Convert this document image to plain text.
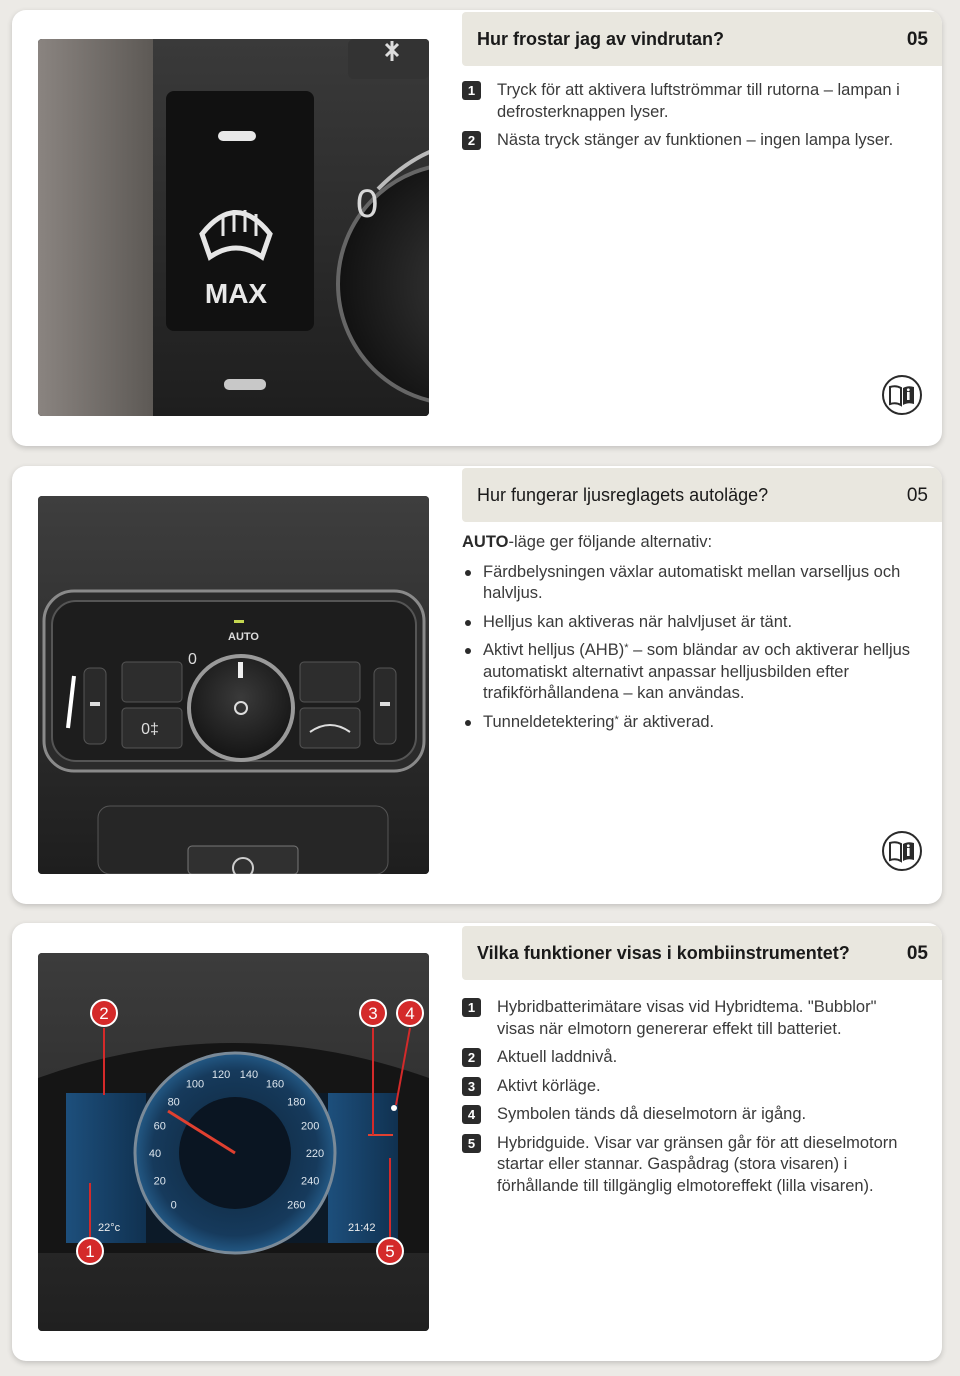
MAX
0
Hur frostar jag av vindrutan?	05
1	Tryck för att aktivera luftströmmar till rutorna – lampan i defrosterknappen lyser.
2	Nästa tryck stänger av funktionen – ingen lampa lyser.
0‡
0
AUTO
Hur fungerar ljusreglagets autoläge?	05
AUTO-läge ger följande alternativ:
Färdbelysningen växlar automatiskt mellan varselljus och halvljus.
Helljus kan aktiveras när halvljuset är tänt.
Aktivt helljus (AHB)* – som bländar av och aktiverar helljus automatiskt alternativt anpassar helljusbilden efter trafikförhållandena – kan användas.
Tunneldetektering* är aktiverad.
0
20
40
60
80
100
120 140
160
180
200
220
240
260
22°c	21:42
2	3 4
1	5
Vilka funktioner visas i kombiinstrumentet?	05
1	Hybridbatterimätare visas vid Hybridtema. "Bubblor" visas när elmotorn genererar effekt till batteriet.
2	Aktuell laddnivå.
3	Aktivt körläge.
4	Symbolen tänds då dieselmotorn är igång.
5	Hybridguide. Visar var gränsen går för att dieselmotorn startar eller stannar. Gaspådrag (stora visaren) i förhållande till tillgänglig elmotoreffekt (lilla visaren).
